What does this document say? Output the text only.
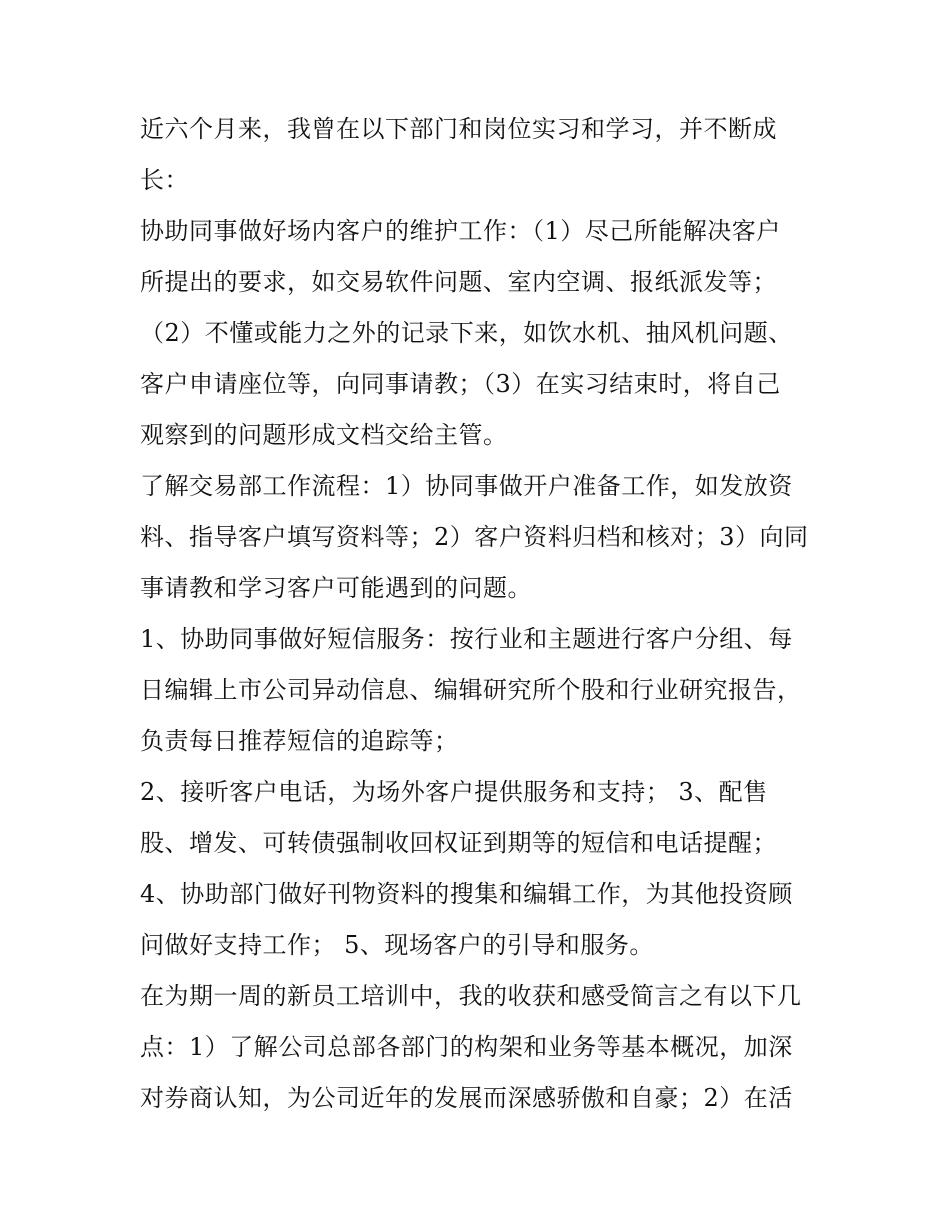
近六个月来，我曾在以下部门和岗位实习和学习，并不断成
长：
协助同事做好场内客户的维护工作：（1）尽己所能解决客户
所提出的要求，如交易软件问题、室内空调、报纸派发等；
（2）不懂或能力之外的记录下来，如饮水机、抽风机问题、
客户申请座位等，向同事请教；（3）在实习结束时，将自己
观察到的问题形成文档交给主管。
了解交易部工作流程：1）协同事做开户准备工作，如发放资
料、指导客户填写资料等；2）客户资料归档和核对；3）向同
事请教和学习客户可能遇到的问题。
1、协助同事做好短信服务：按行业和主题进行客户分组、每
日编辑上市公司异动信息、编辑研究所个股和行业研究报告，
负责每日推荐短信的追踪等；
2、接听客户电话，为场外客户提供服务和支持； 3、配售
股、增发、可转债强制收回权证到期等的短信和电话提醒；
4、协助部门做好刊物资料的搜集和编辑工作，为其他投资顾
问做好支持工作； 5、现场客户的引导和服务。
在为期一周的新员工培训中，我的收获和感受简言之有以下几
点：1）了解公司总部各部门的构架和业务等基本概况，加深
对券商认知，为公司近年的发展而深感骄傲和自豪；2）在活
